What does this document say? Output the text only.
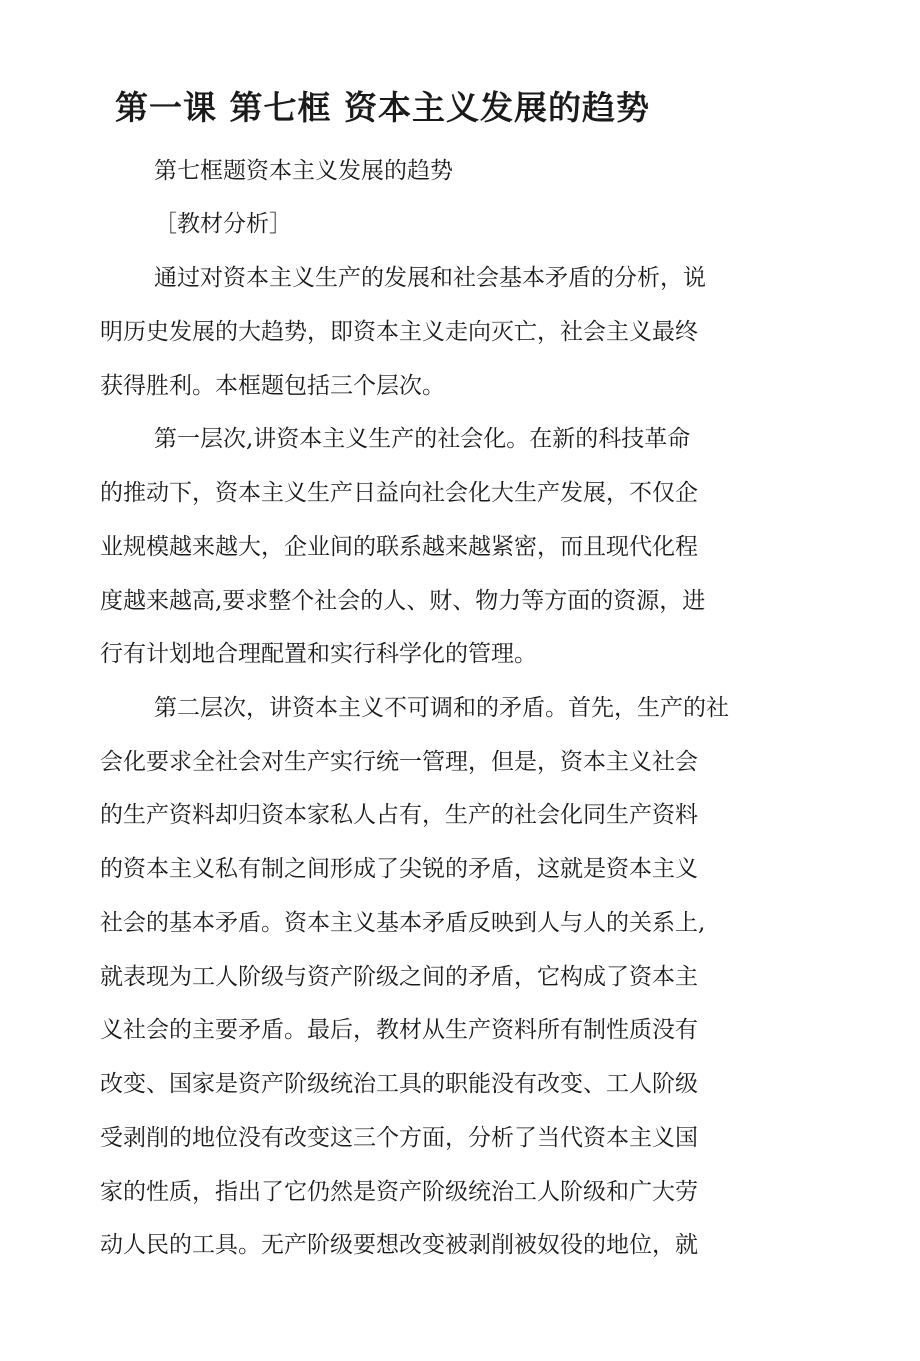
第一课 第七框 资本主义发展的趋势

第七框题资本主义发展的趋势

［教材分析］

通过对资本主义生产的发展和社会基本矛盾的分析，说

明历史发展的大趋势，即资本主义走向灭亡，社会主义最终

获得胜利。本框题包括三个层次。

第一层次,讲资本主义生产的社会化。在新的科技革命

的推动下，资本主义生产日益向社会化大生产发展，不仅企

业规模越来越大，企业间的联系越来越紧密，而且现代化程

度越来越高,要求整个社会的人、财、物力等方面的资源，进

行有计划地合理配置和实行科学化的管理。

第二层次，讲资本主义不可调和的矛盾。首先，生产的社

会化要求全社会对生产实行统一管理，但是，资本主义社会

的生产资料却归资本家私人占有，生产的社会化同生产资料

的资本主义私有制之间形成了尖锐的矛盾，这就是资本主义

社会的基本矛盾。资本主义基本矛盾反映到人与人的关系上,

就表现为工人阶级与资产阶级之间的矛盾，它构成了资本主

义社会的主要矛盾。最后，教材从生产资料所有制性质没有

改变、国家是资产阶级统治工具的职能没有改变、工人阶级

受剥削的地位没有改变这三个方面，分析了当代资本主义国

家的性质，指出了它仍然是资产阶级统治工人阶级和广大劳

动人民的工具。无产阶级要想改变被剥削被奴役的地位，就
